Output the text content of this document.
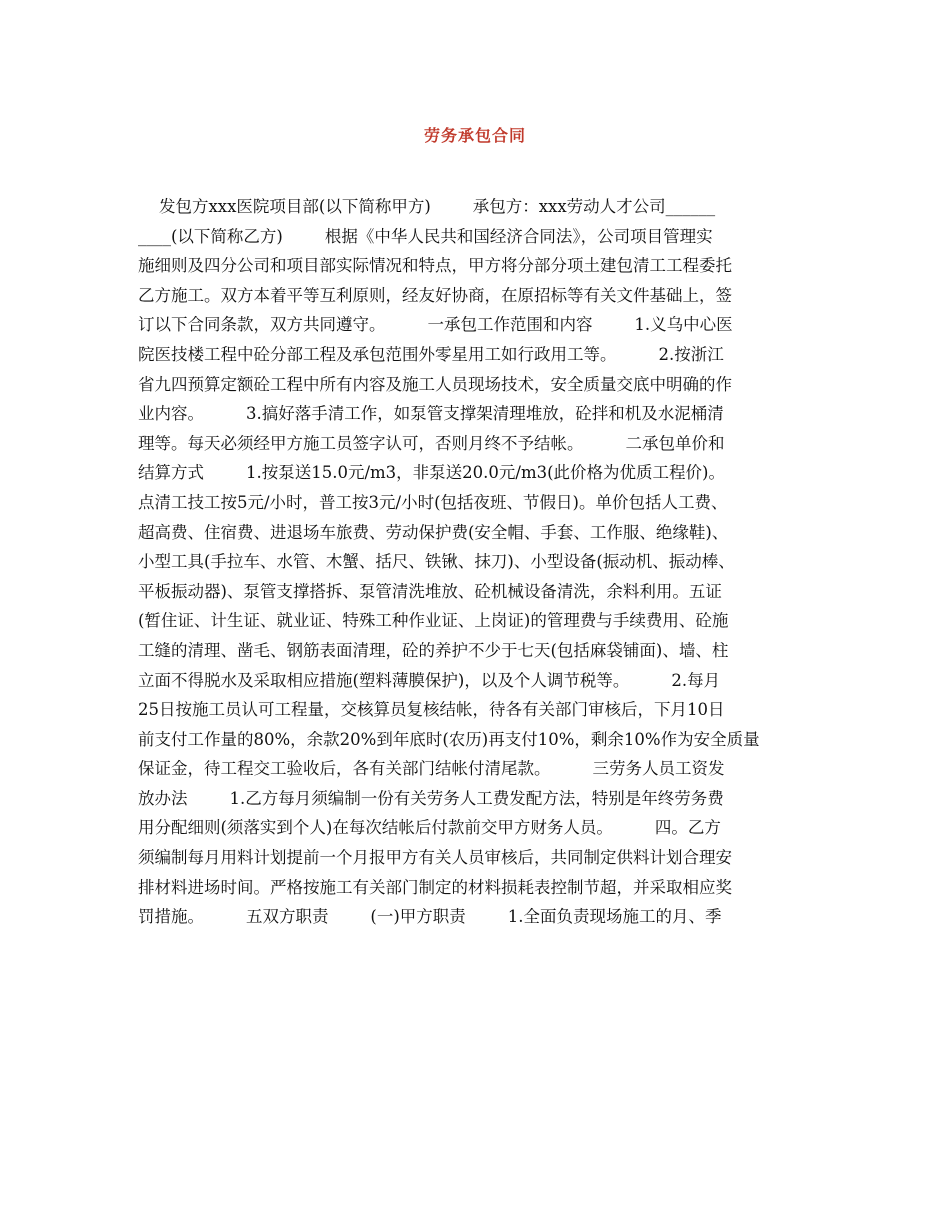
劳务承包合同
发包方xxx医院项目部(以下简称甲方)        承包方：xxx劳动人才公司______
____(以下简称乙方)        根据《中华人民共和国经济合同法》，公司项目管理实
施细则及四分公司和项目部实际情况和特点，甲方将分部分项土建包清工工程委托
乙方施工。双方本着平等互利原则，经友好协商，在原招标等有关文件基础上，签
订以下合同条款，双方共同遵守。        一承包工作范围和内容        1.义乌中心医
院医技楼工程中砼分部工程及承包范围外零星用工如行政用工等。        2.按浙江
省九四预算定额砼工程中所有内容及施工人员现场技术，安全质量交底中明确的作
业内容。        3.搞好落手清工作，如泵管支撑架清理堆放，砼拌和机及水泥桶清
理等。每天必须经甲方施工员签字认可，否则月终不予结帐。        二承包单价和
结算方式        1.按泵送15.0元/m3，非泵送20.0元/m3(此价格为优质工程价)。
点清工技工按5元/小时，普工按3元/小时(包括夜班、节假日)。单价包括人工费、
超高费、住宿费、进退场车旅费、劳动保护费(安全帽、手套、工作服、绝缘鞋)、
小型工具(手拉车、水管、木蟹、括尺、铁锹、抹刀)、小型设备(振动机、振动棒、
平板振动器)、泵管支撑搭拆、泵管清洗堆放、砼机械设备清洗，余料利用。五证
(暂住证、计生证、就业证、特殊工种作业证、上岗证)的管理费与手续费用、砼施
工缝的清理、凿毛、钢筋表面清理，砼的养护不少于七天(包括麻袋铺面)、墙、柱
立面不得脱水及采取相应措施(塑料薄膜保护)，以及个人调节税等。        2.每月
25日按施工员认可工程量，交核算员复核结帐，待各有关部门审核后，下月10日
前支付工作量的80%，余款20%到年底时(农历)再支付10%，剩余10%作为安全质量
保证金，待工程交工验收后，各有关部门结帐付清尾款。        三劳务人员工资发
放办法        1.乙方每月须编制一份有关劳务人工费发配方法，特别是年终劳务费
用分配细则(须落实到个人)在每次结帐后付款前交甲方财务人员。        四。乙方
须编制每月用料计划提前一个月报甲方有关人员审核后，共同制定供料计划合理安
排材料进场时间。严格按施工有关部门制定的材料损耗表控制节超，并采取相应奖
罚措施。        五双方职责        (一)甲方职责        1.全面负责现场施工的月、季
